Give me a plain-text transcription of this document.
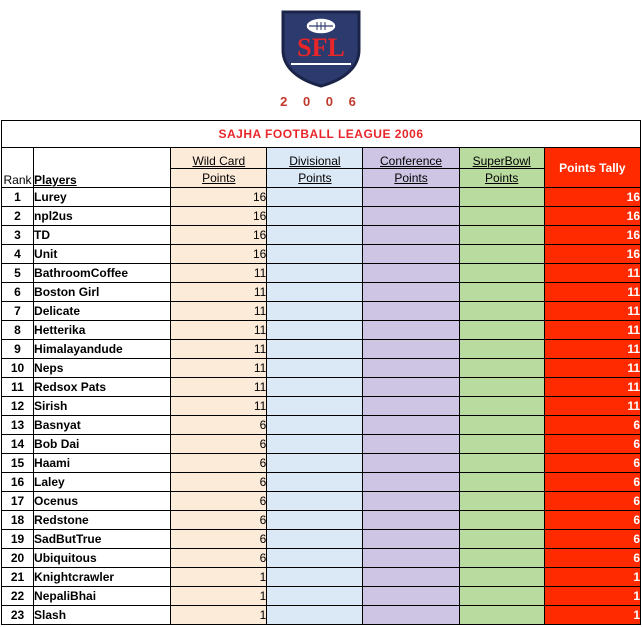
SFL
2 0 0 6
SAJHA FOOTBALL LEAGUE 2006						
Rank	Players	Wild Card	Divisional	Conference	SuperBowl	Points Tally
		Points	Points	Points	Points	
1	Lurey	16				16
2	npl2us	16				16
3	TD	16				16
4	Unit	16				16
5	BathroomCoffee	11				11
6	Boston Girl	11				11
7	Delicate	11				11
8	Hetterika	11				11
9	Himalayandude	11				11
10	Neps	11				11
11	Redsox Pats	11				11
12	Sirish	11				11
13	Basnyat	6				6
14	Bob Dai	6				6
15	Haami	6				6
16	Laley	6				6
17	Ocenus	6				6
18	Redstone	6				6
19	SadButTrue	6				6
20	Ubiquitous	6				6
21	Knightcrawler	1				1
22	NepaliBhai	1				1
23	Slash	1				1
